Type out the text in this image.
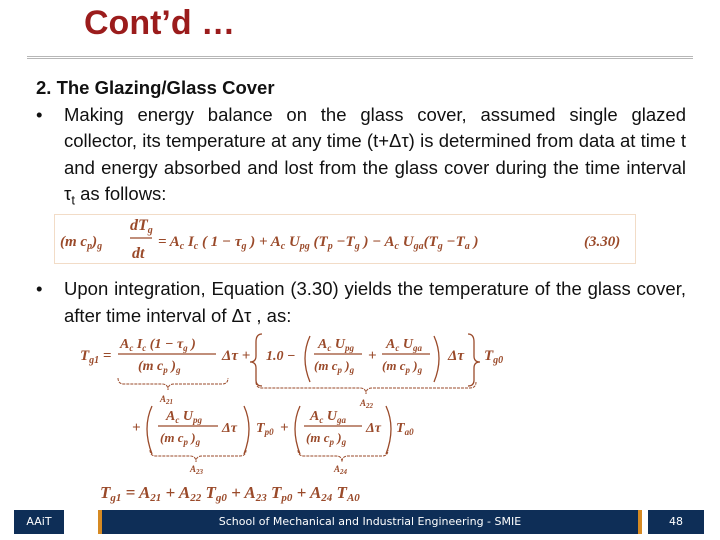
Cont’d …
2. The Glazing/Glass Cover
• Making energy balance on the glass cover, assumed single glazed collector, its temperature at any time (t+Δτ) is determined from data at time t and energy absorbed and lost from the glass cover during the time interval $\tau_t$ as follows:
(m $c_p)_g$
dTg
dt
= $A_c$ $I_c$ ( $1 - \tau_g$ ) + $A_c$ $U_{pg}$ ($T_p -T_g$ ) − $A_c$ $U_{ga}(T_g -T_a$ )	(3.30)
• Upon integration, Equation (3.30) yields the temperature of the glass cover, after time interval of Δτ , as:
$T_{g1}$ =
$A_c$ $I_c$ ($1 - \tau_g$ )
(m $c_p$ )$_g$
Δτ + 1.0 −
$A_c$ $U_{pg}$
(m $c_p$ )$_g$
+
$A_c$ $U_{ga}$
(m $c_p$ )$_g$
Δτ $T_{g0}$
$A_{21}$	$A_{22}$
+
$A_c$ $U_{pg}$
(m $c_p$ )$_g$
Δτ $T_{p0}$ +
$A_c$ $U_{ga}$
(m $c_p$ )$_g$
Δτ $T_{a0}$
$A_{23}$	$A_{24}$
Tg1 = A21 + A22 Tg0 + A23 Tp0 + A24 TA0
AAiT	School of Mechanical and Industrial Engineering - SMIE	48
